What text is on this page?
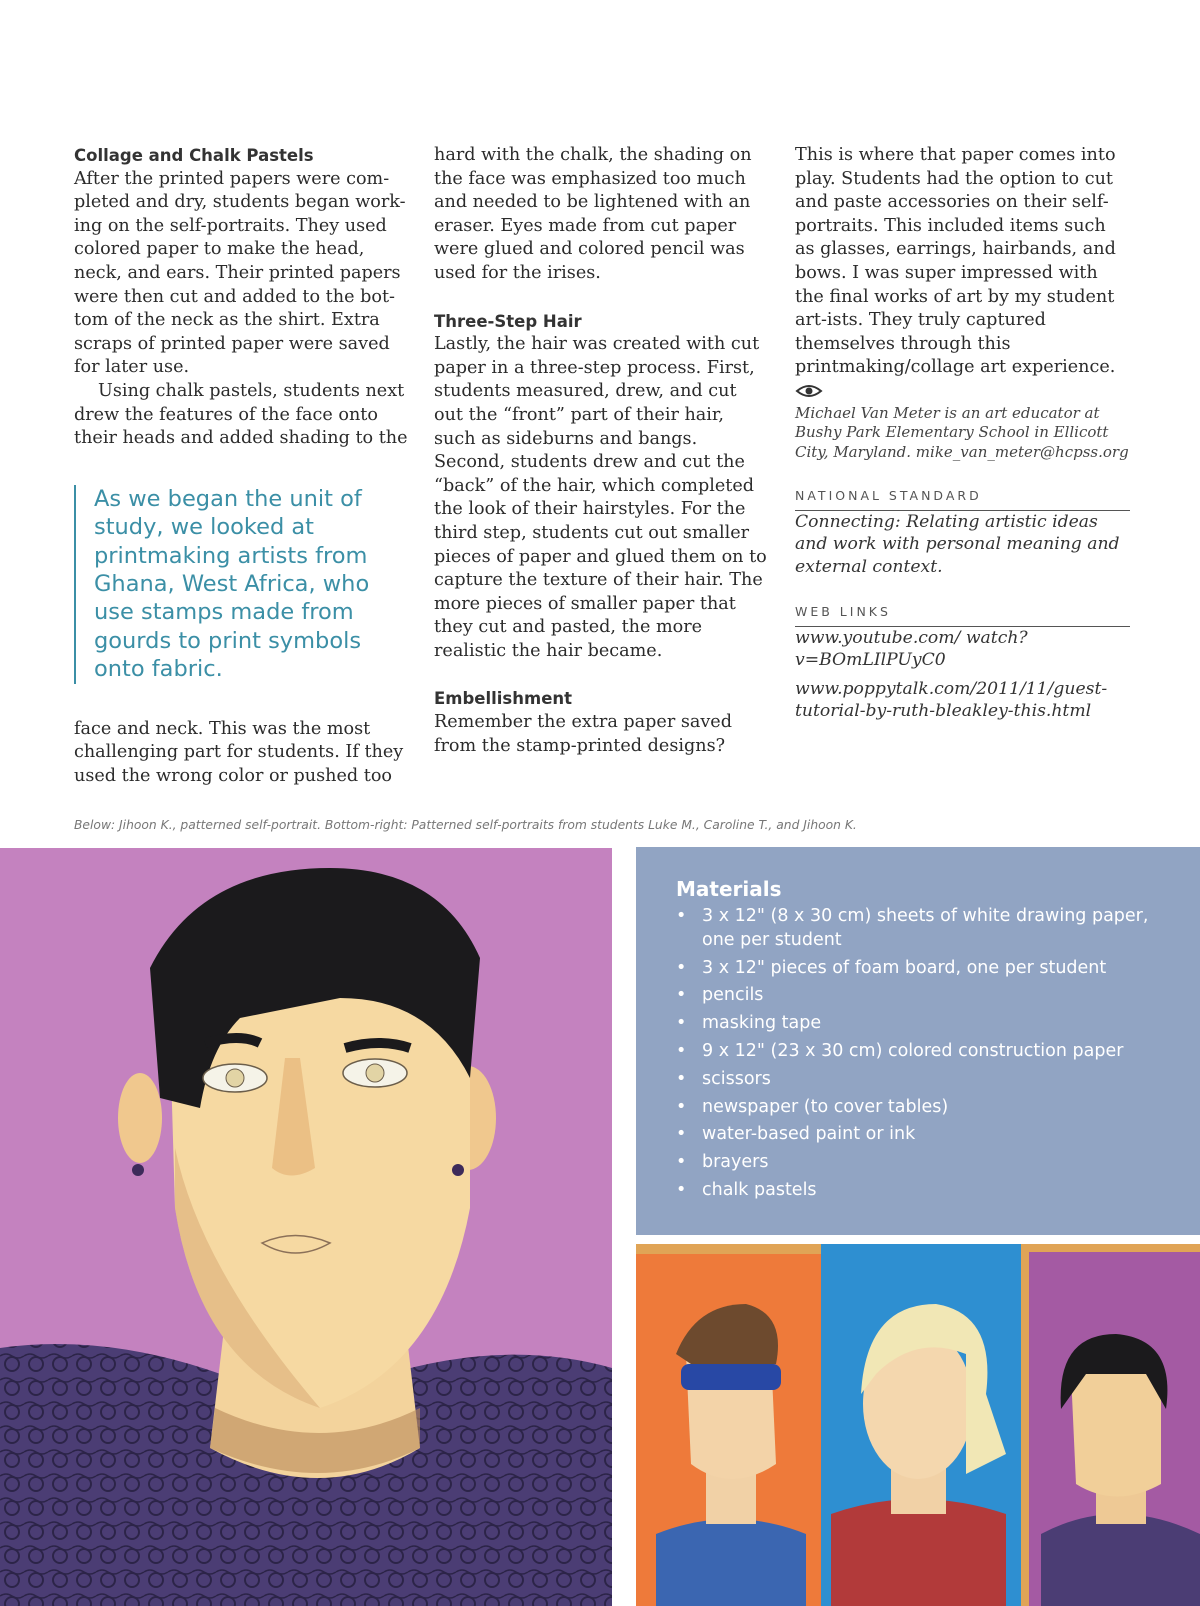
Collage and Chalk Pastels

After the printed papers were com-pleted and dry, students began work-ing on the self-portraits. They used colored paper to make the head, neck, and ears. Their printed papers were then cut and added to the bot-tom of the neck as the shirt. Extra scraps of printed paper were saved for later use.

Using chalk pastels, students next drew the features of the face onto their heads and added shading to the

As we began the unit of study, we looked at printmaking artists from Ghana, West Africa, who use stamps made from gourds to print symbols onto fabric.

face and neck. This was the most challenging part for students. If they used the wrong color or pushed too

hard with the chalk, the shading on the face was emphasized too much and needed to be lightened with an eraser. Eyes made from cut paper were glued and colored pencil was used for the irises.

Three-Step Hair

Lastly, the hair was created with cut paper in a three-step process. First, students measured, drew, and cut out the “front” part of their hair, such as sideburns and bangs. Second, students drew and cut the “back” of the hair, which completed the look of their hairstyles. For the third step, students cut out smaller pieces of paper and glued them on to capture the texture of their hair. The more pieces of smaller paper that they cut and pasted, the more realistic the hair became.

Embellishment

Remember the extra paper saved from the stamp-printed designs?

This is where that paper comes into play. Students had the option to cut and paste accessories on their self-portraits. This included items such as glasses, earrings, hairbands, and bows. I was super impressed with the final works of art by my student art-ists. They truly captured themselves through this printmaking/collage art experience.

Michael Van Meter is an art educator at Bushy Park Elementary School in Ellicott City, Maryland. mike_van_meter@hcpss.org

NATIONAL STANDARD

Connecting: Relating artistic ideas and work with personal meaning and external context.

WEB LINKS

www.youtube.com/ watch?v=BOmLIlPUyC0

www.poppytalk.com/2011/11/guest-tutorial-by-ruth-bleakley-this.html

Below: Jihoon K., patterned self-portrait. Bottom-right: Patterned self-portraits from students Luke M., Caroline T., and Jihoon K.
Materials
• 3 x 12" (8 x 30 cm) sheets of white drawing paper, one per student
• 3 x 12" pieces of foam board, one per student
• pencils
• masking tape
• 9 x 12" (23 x 30 cm) colored construction paper
• scissors
• newspaper (to cover tables)
• water-based paint or ink
• brayers
• chalk pastels
